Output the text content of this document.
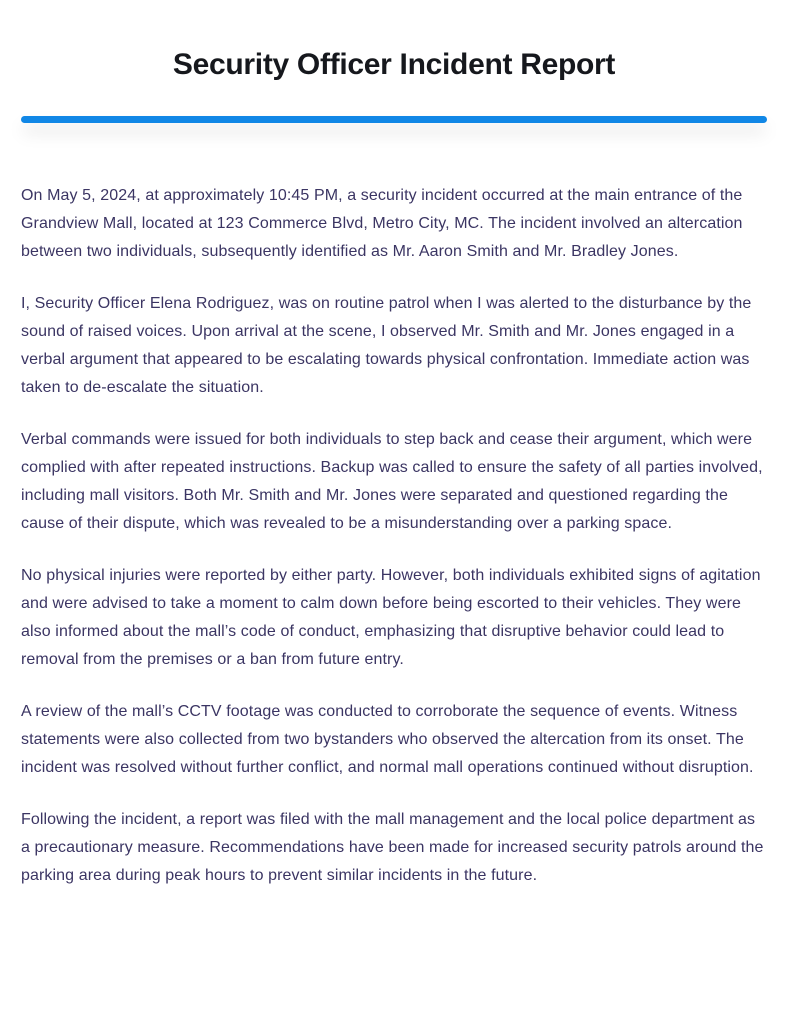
Security Officer Incident Report

On May 5, 2024, at approximately 10:45 PM, a security incident occurred at the main entrance of the Grandview Mall, located at 123 Commerce Blvd, Metro City, MC. The incident involved an altercation between two individuals, subsequently identified as Mr. Aaron Smith and Mr. Bradley Jones.

I, Security Officer Elena Rodriguez, was on routine patrol when I was alerted to the disturbance by the sound of raised voices. Upon arrival at the scene, I observed Mr. Smith and Mr. Jones engaged in a verbal argument that appeared to be escalating towards physical confrontation. Immediate action was taken to de-escalate the situation.

Verbal commands were issued for both individuals to step back and cease their argument, which were complied with after repeated instructions. Backup was called to ensure the safety of all parties involved, including mall visitors. Both Mr. Smith and Mr. Jones were separated and questioned regarding the cause of their dispute, which was revealed to be a misunderstanding over a parking space.

No physical injuries were reported by either party. However, both individuals exhibited signs of agitation and were advised to take a moment to calm down before being escorted to their vehicles. They were also informed about the mall’s code of conduct, emphasizing that disruptive behavior could lead to removal from the premises or a ban from future entry.

A review of the mall’s CCTV footage was conducted to corroborate the sequence of events. Witness statements were also collected from two bystanders who observed the altercation from its onset. The incident was resolved without further conflict, and normal mall operations continued without disruption.

Following the incident, a report was filed with the mall management and the local police department as a precautionary measure. Recommendations have been made for increased security patrols around the parking area during peak hours to prevent similar incidents in the future.
